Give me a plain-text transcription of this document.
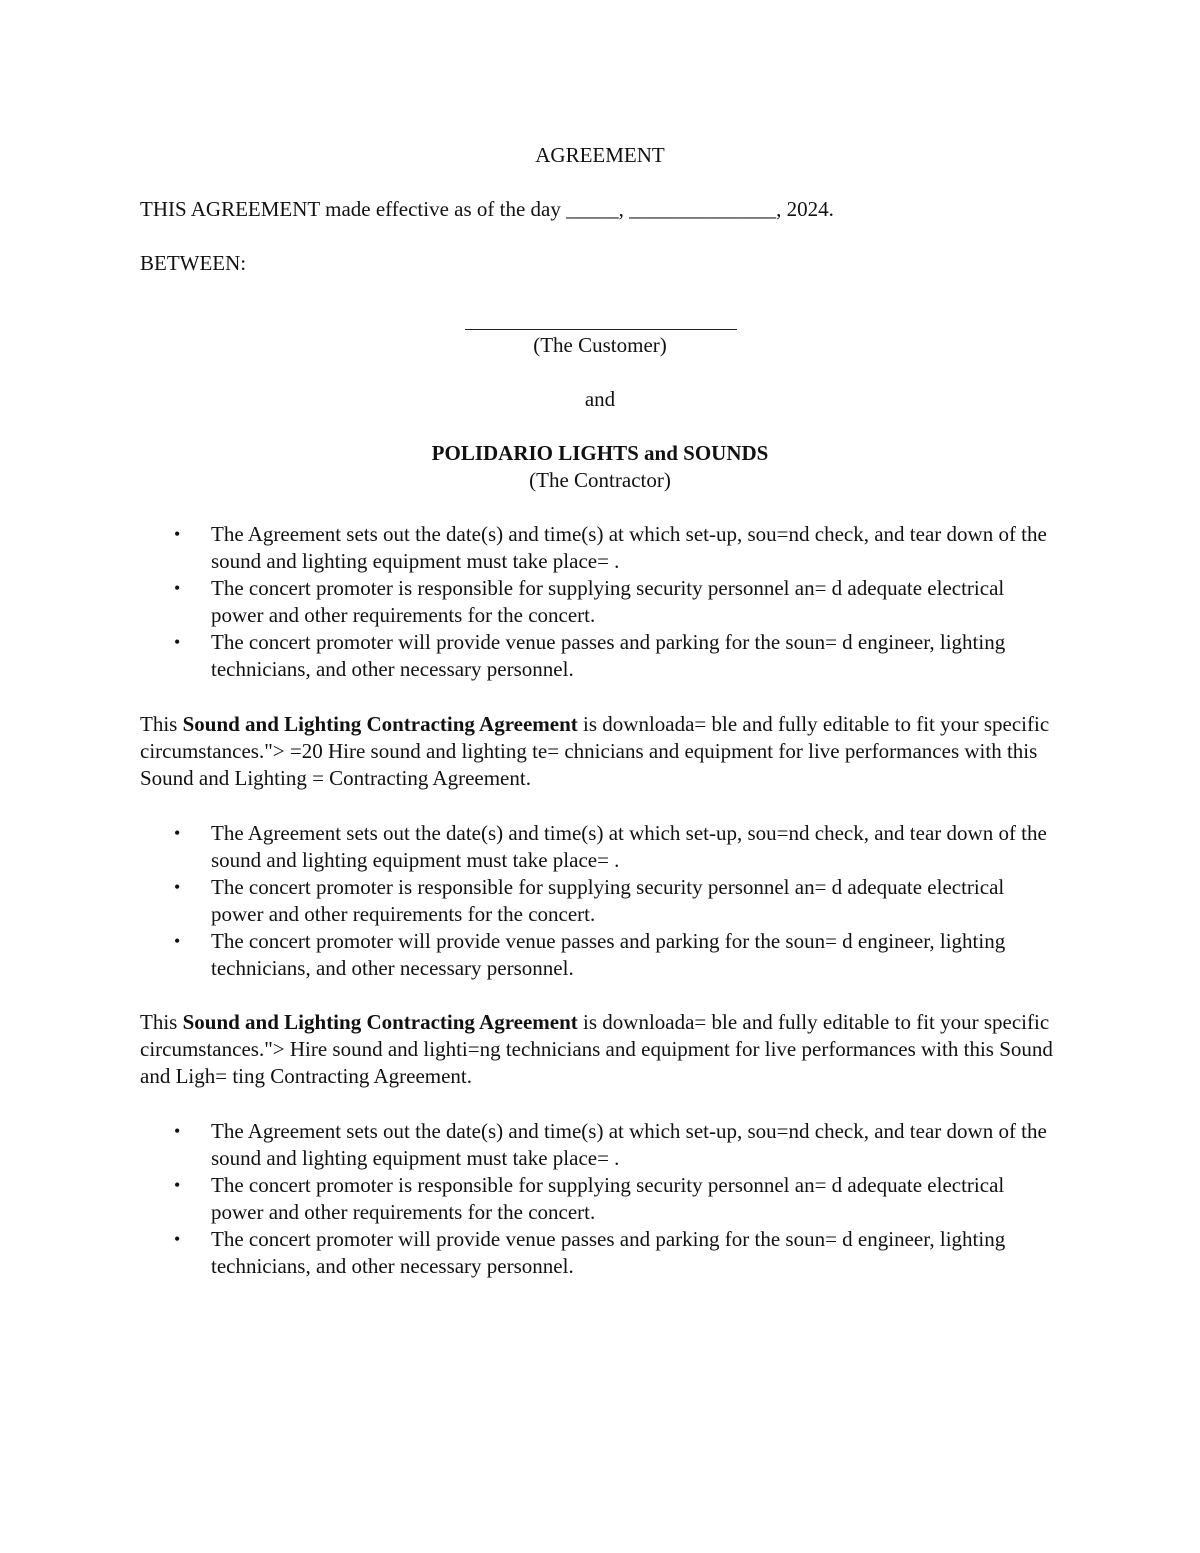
AGREEMENT
THIS AGREEMENT made effective as of the day _____, ______________, 2024.
BETWEEN:
(The Customer)
and
POLIDARIO LIGHTS and SOUNDS
(The Contractor)
• The Agreement sets out the date(s) and time(s) at which set-up, sou=nd check, and tear down of the sound and lighting equipment must take place= .
• The concert promoter is responsible for supplying security personnel an= d adequate electrical power and other requirements for the concert.
• The concert promoter will provide venue passes and parking for the soun= d engineer, lighting technicians, and other necessary personnel.

This Sound and Lighting Contracting Agreement is downloada= ble and fully editable to fit your specific circumstances."> =20 Hire sound and lighting te= chnicians and equipment for live performances with this Sound and Lighting = Contracting Agreement.

• The Agreement sets out the date(s) and time(s) at which set-up, sou=nd check, and tear down of the sound and lighting equipment must take place= .
• The concert promoter is responsible for supplying security personnel an= d adequate electrical power and other requirements for the concert.
• The concert promoter will provide venue passes and parking for the soun= d engineer, lighting technicians, and other necessary personnel.

This Sound and Lighting Contracting Agreement is downloada= ble and fully editable to fit your specific circumstances."> Hire sound and lighti=ng technicians and equipment for live performances with this Sound and Ligh= ting Contracting Agreement.

• The Agreement sets out the date(s) and time(s) at which set-up, sou=nd check, and tear down of the sound and lighting equipment must take place= .
• The concert promoter is responsible for supplying security personnel an= d adequate electrical power and other requirements for the concert.
• The concert promoter will provide venue passes and parking for the soun= d engineer, lighting technicians, and other necessary personnel.
